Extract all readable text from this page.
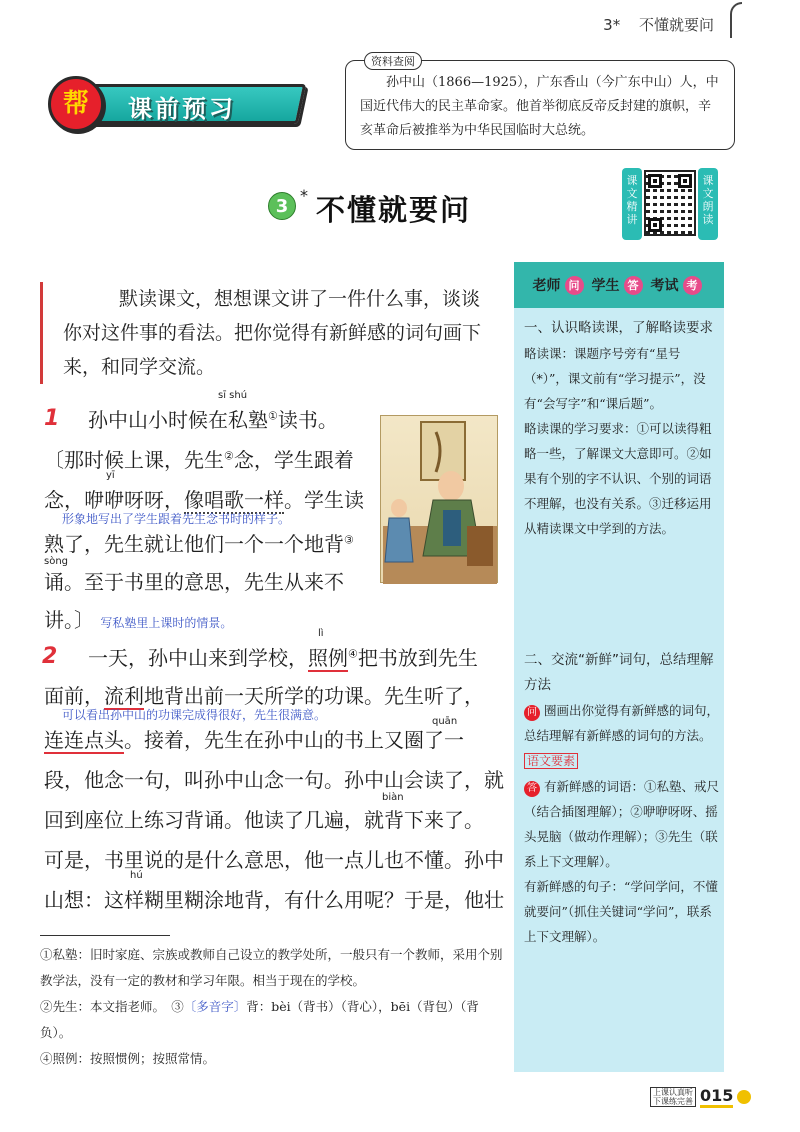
3* 不懂就要问
课前预习
帮
资料查阅

孙中山（1866—1925），广东香山（今广东中山）人，中国近代伟大的民主革命家。他首举彻底反帝反封建的旗帜，辛亥革命后被推举为中华民国临时大总统。

3
* 不懂就要问
课文精讲
课文朗读

默读课文，想想课文讲了一件什么事，谈谈你对这件事的看法。把你觉得有新鲜感的词句画下来，和同学交流。

1
sī shú
孙中山小时候在私塾①读书。
〔那时候上课，先生②念，学生跟着
yī
念，咿咿呀呀，像唱歌一样。学生读
形象地写出了学生跟着先生念书时的样子。
熟了，先生就让他们一个一个地背③
sòng
诵。至于书里的意思，先生从来不
讲。〕 写私塾里上课时的情景。
2
lì
一天，孙中山来到学校，照例④把书放到先生
面前，流利地背出前一天所学的功课。先生听了，
可以看出孙中山的功课完成得很好，先生很满意。	quān
连连点头。接着，先生在孙中山的书上又圈了一
段，他念一句，叫孙中山念一句。孙中山会读了，就
biàn
回到座位上练习背诵。他读了几遍，就背下来了。
可是，书里说的是什么意思，他一点儿也不懂。孙中
hú
山想：这样糊里糊涂地背，有什么用呢？于是，他壮
老师 问 学生 答 考试 考
一、认识略读课，了解略读要求

略读课：课题序号旁有“星号（*）”，课文前有“学习提示”，没有“会写字”和“课后题”。

略读课的学习要求：①可以读得粗略一些，了解课文大意即可。②如果有个别的字不认识、个别的词语不理解，也没有关系。③迁移运用从精读课文中学到的方法。

二、交流“新鲜”词句，总结理解方法

问 圈画出你觉得有新鲜感的词句，总结理解有新鲜感的词句的方法。 语文要素

答 有新鲜感的词语：①私塾、戒尺（结合插图理解）；②咿咿呀呀、摇头晃脑（做动作理解）；③先生（联系上下文理解）。

有新鲜感的句子：“学问学问，不懂就要问”（抓住关键词“学问”，联系上下文理解）。

①私塾：旧时家庭、宗族或教师自己设立的教学处所，一般只有一个教师，采用个别教学法，没有一定的教材和学习年限。相当于现在的学校。

②先生：本文指老师。　③〔多音字〕背：bèi（背书）（背心），bēi（背包）（背负）。

④照例：按照惯例；按照常情。

上课认真听
下课练完善 015
